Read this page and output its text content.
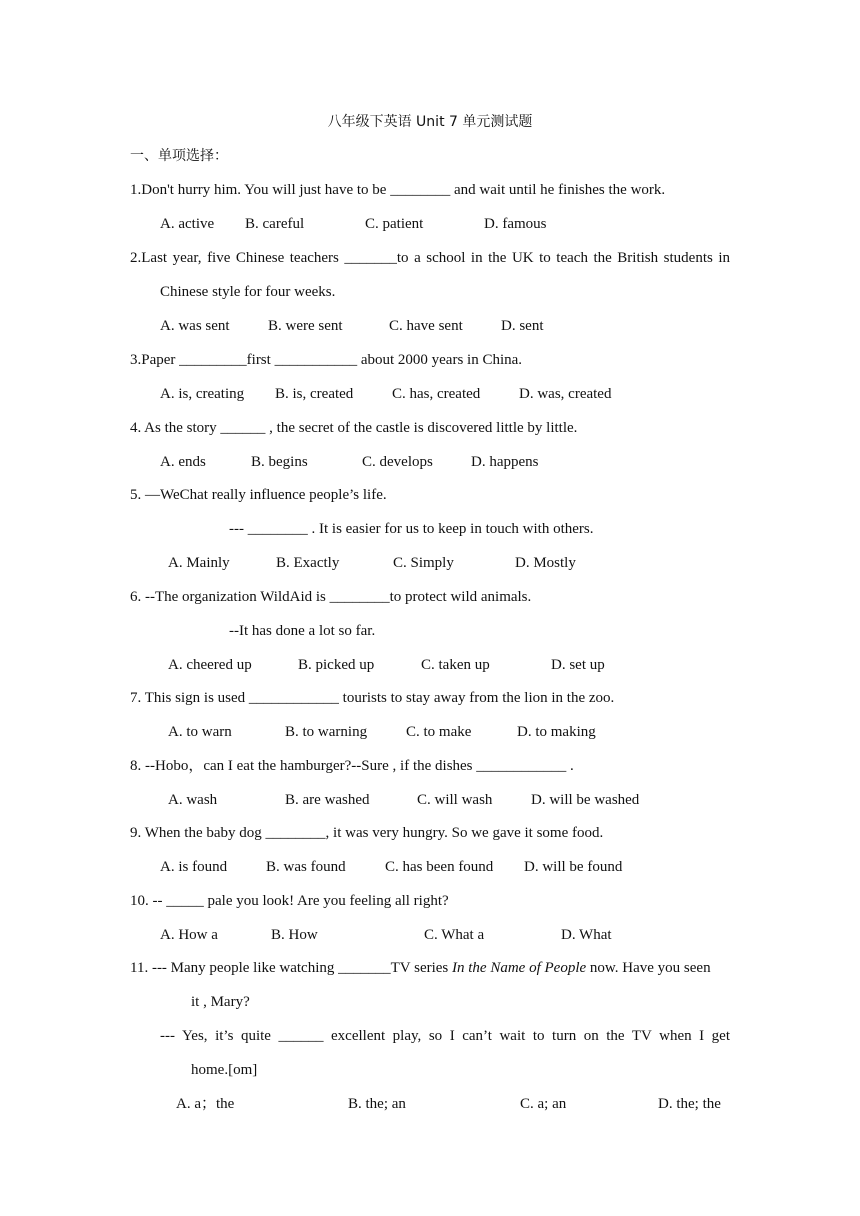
八年级下英语 Unit 7 单元测试题
一、单项选择：
1.Don't hurry him. You will just have to be ________ and wait until he finishes the work.
A. active B. careful	C. patient	D. famous
2.Last year, five Chinese teachers _______to a school in the UK to teach the British students in
Chinese style for four weeks.
A. was sent	B. were sent	C. have sent	D. sent
3.Paper _________first ___________ about 2000 years in China.
A. is, creating B. is, created	C. has, created	D. was, created
4. As the story ______ , the secret of the castle is discovered little by little.
A. ends	B. begins	C. develops	D. happens
5. —WeChat really influence people’s life.
--- ________ . It is easier for us to keep in touch with others.
A. Mainly	B. Exactly	C. Simply	D. Mostly
6. --The organization WildAid is ________to protect wild animals.
--It has done a lot so far.
A. cheered up	B. picked up	C. taken up	D. set up
7. This sign is used ____________ tourists to stay away from the lion in the zoo.
A. to warn	B. to warning	C. to make	D. to making
8. --Hobo，can I eat the hamburger?--Sure , if the dishes ____________ .
A. wash	B. are washed	C. will wash	D. will be washed
9. When the baby dog ________, it was very hungry. So we gave it some food.
A. is found	B. was found	C. has been found D. will be found
10. -- _____ pale you look! Are you feeling all right?
A. How a	B. How	C. What a	D. What
11. --- Many people like watching _______TV series In the Name of People now. Have you seen
it , Mary?
--- Yes, it’s quite ______ excellent play, so I can’t wait to turn on the TV when I get
home.[om]
A. a；the	B. the; an	C. a; an	D. the; the
